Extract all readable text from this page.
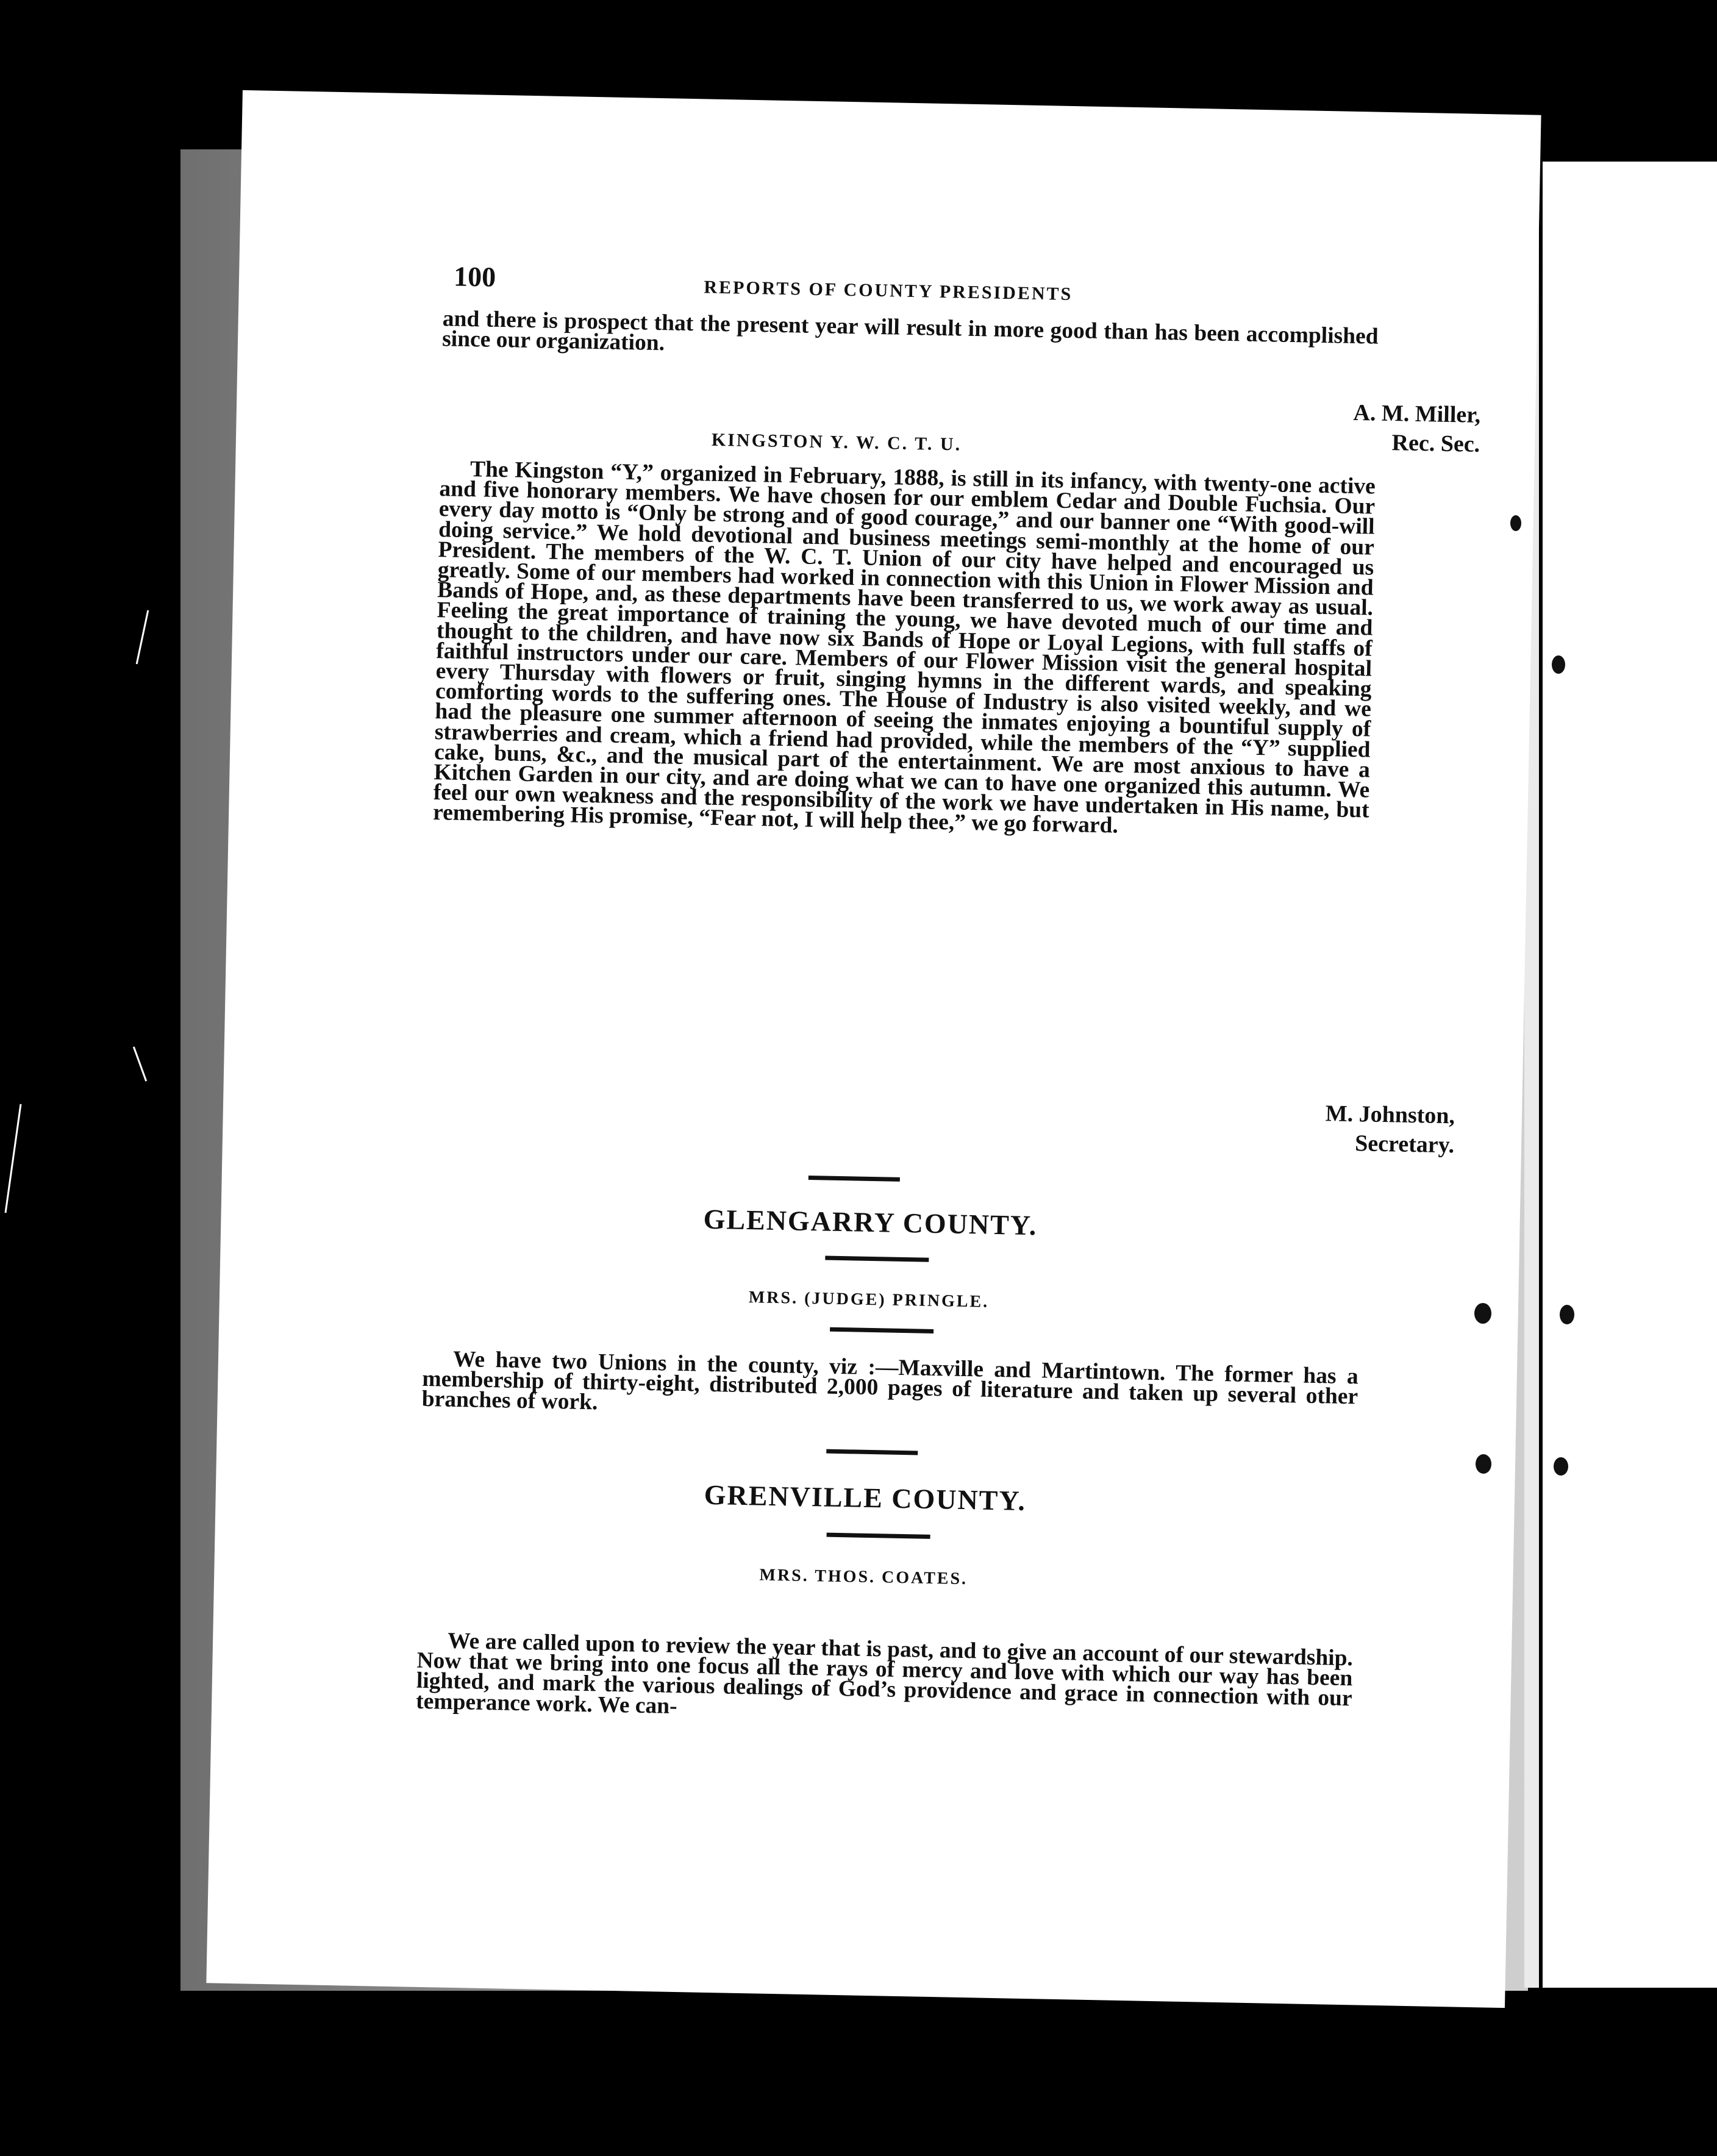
100	REPORTS OF COUNTY PRESIDENTS

and there is prospect that the present year will result in more good than has been accomplished since our organization.

A. M. Miller,
Rec. Sec.

KINGSTON Y. W. C. T. U.

The Kingston “Y,” organized in February, 1888, is still in its infancy, with twenty-one active and five honorary members. We have chosen for our emblem Cedar and Double Fuchsia. Our every day motto is “Only be strong and of good courage,” and our banner one “With good-will doing service.” We hold devotional and business meetings semi-monthly at the home of our President. The members of the W. C. T. Union of our city have helped and encouraged us greatly. Some of our members had worked in connection with this Union in Flower Mission and Bands of Hope, and, as these departments have been transferred to us, we work away as usual. Feeling the great importance of training the young, we have devoted much of our time and thought to the children, and have now six Bands of Hope or Loyal Legions, with full staffs of faithful instructors under our care. Members of our Flower Mission visit the general hospital every Thursday with flowers or fruit, singing hymns in the different wards, and speaking comforting words to the suffering ones. The House of Industry is also visited weekly, and we had the pleasure one summer afternoon of seeing the inmates enjoying a bountiful supply of strawberries and cream, which a friend had provided, while the members of the “Y” supplied cake, buns, &c., and the musical part of the entertainment. We are most anxious to have a Kitchen Garden in our city, and are doing what we can to have one organized this autumn. We feel our own weakness and the responsibility of the work we have undertaken in His name, but remembering His promise, “Fear not, I will help thee,” we go forward.

M. Johnston,
Secretary.

GLENGARRY COUNTY.

MRS. (JUDGE) PRINGLE.

We have two Unions in the county, viz :—Maxville and Martintown. The former has a membership of thirty-eight, distributed 2,000 pages of literature and taken up several other branches of work.

GRENVILLE COUNTY.

MRS. THOS. COATES.

We are called upon to review the year that is past, and to give an account of our stewardship. Now that we bring into one focus all the rays of mercy and love with which our way has been lighted, and mark the various dealings of God’s providence and grace in connection with our temperance work. We can-
